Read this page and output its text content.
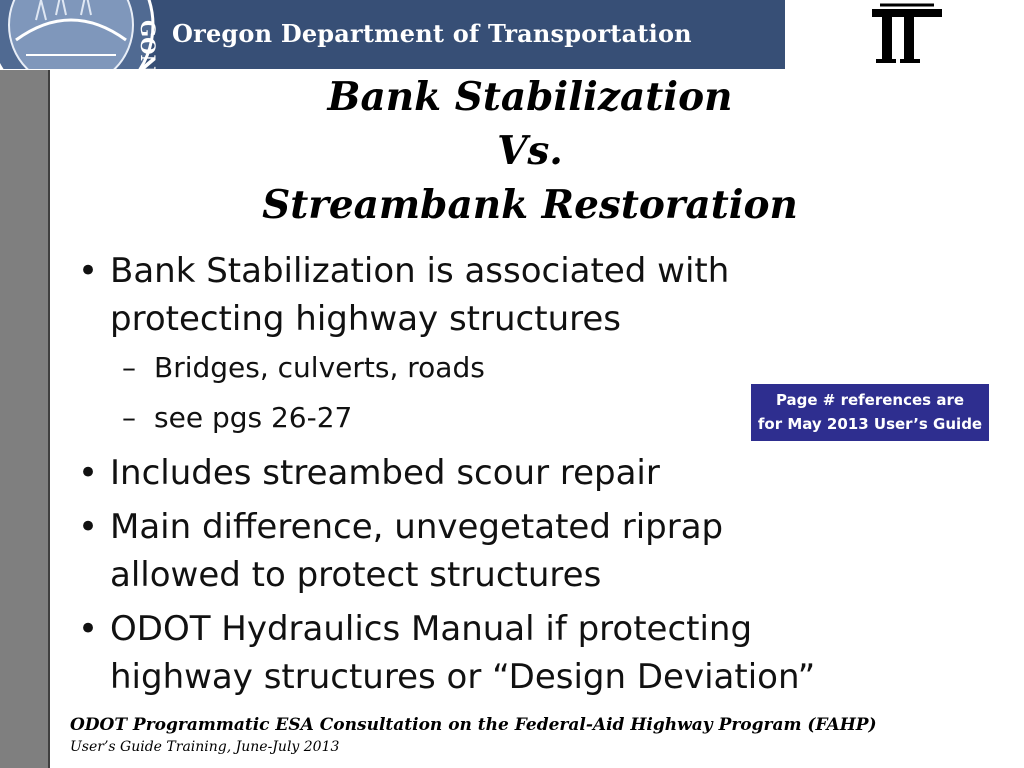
GON Oregon Department of Transportation
Bank Stabilization
Vs.
Streambank Restoration
• Bank Stabilization is associated with
protecting highway structures
– Bridges, culverts, roads
– see pgs 26-27
• Includes streambed scour repair
• Main difference, unvegetated riprap
allowed to protect structures
• ODOT Hydraulics Manual if protecting
highway structures or “Design Deviation”
Page # references are
for May 2013 User’s Guide
ODOT Programmatic ESA Consultation on the Federal-Aid Highway Program (FAHP)
User’s Guide Training, June-July 2013
